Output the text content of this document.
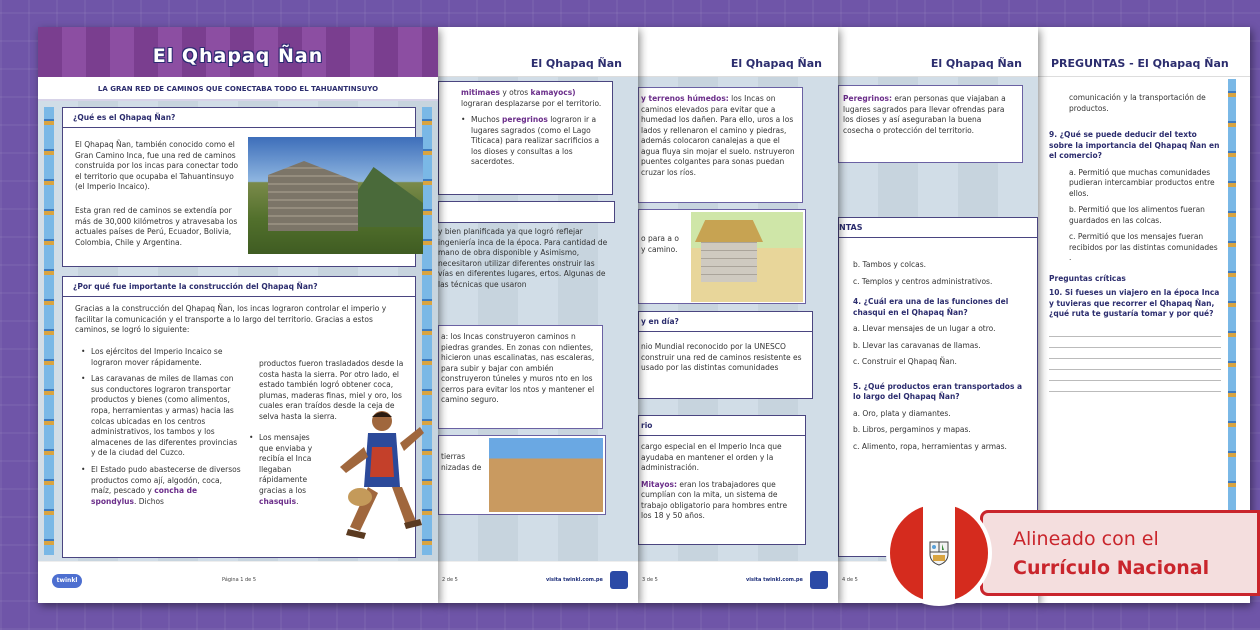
PREGUNTAS - El Qhapaq Ñan
comunicación y la transportación de productos.
9. ¿Qué se puede deducir del texto sobre la importancia del Qhapaq Ñan en el comercio?
a. Permitió que muchas comunidades pudieran intercambiar productos entre ellos.
b. Permitió que los alimentos fueran guardados en las colcas.
c. Permitió que los mensajes fueran recibidos por las distintas comunidades .
Preguntas críticas
10. Si fueses un viajero en la época Inca y tuvieras que recorrer el Qhapaq Ñan, ¿qué ruta te gustaría tomar y por qué?
El Qhapaq Ñan
Peregrinos: eran personas que viajaban a lugares sagrados para llevar ofrendas para los dioses y así aseguraban la buena cosecha o protección del territorio.
NTAS
b. Tambos y colcas.
c. Templos y centros administrativos.
4. ¿Cuál era una de las funciones del chasqui en el Qhapaq Ñan?
a. Llevar mensajes de un lugar a otro.
b. Llevar las caravanas de llamas.
c. Construir el Qhapaq Ñan.
5. ¿Qué productos eran transportados a lo largo del Qhapaq Ñan?
a. Oro, plata y diamantes.
b. Libros, pergaminos y mapas.
c. Alimento, ropa, herramientas y armas.
4 de 5
El Qhapaq Ñan
y terrenos húmedos: los Incas on caminos elevados para evitar que a humedad los dañen. Para ello, uros a los lados y rellenaron el camino y piedras, además colocaron canalejas a que el agua fluya sin mojar el suelo. nstruyeron puentes colgantes para sonas puedan cruzar los ríos.
o para a o y camino.
y en día?
nio Mundial reconocido por la UNESCO construir una red de caminos resistente es usado por las distintas comunidades
rio
cargo especial en el Imperio Inca que ayudaba en mantener el orden y la administración.
Mitayos: eran los trabajadores que cumplían con la mita, un sistema de trabajo obligatorio para hombres entre los 18 y 50 años.
3 de 5	visita twinkl.com.pe
El Qhapaq Ñan
mitimaes y otros kamayocs)
lograran desplazarse por el territorio.
• Muchos peregrinos lograron ir a lugares sagrados (como el Lago Titicaca) para realizar sacrificios a los dioses y consultas a los sacerdotes.
y bien planificada ya que logró reflejar ingeniería inca de la época. Para cantidad de mano de obra disponible y Asimismo, necesitaron utilizar diferentes onstruir las vías en diferentes lugares, ertos. Algunas de las técnicas que usaron
a: los Incas construyeron caminos n piedras grandes. En zonas con ndientes, hicieron unas escalinatas, nas escaleras, para subir y bajar con ambién construyeron túneles y muros nto en los cerros para evitar los ntos y mantener el camino seguro.
tierras nizadas de
2 de 5	visita twinkl.com.pe
El Qhapaq Ñan
LA GRAN RED DE CAMINOS QUE CONECTABA TODO EL TAHUANTINSUYO
¿Qué es el Qhapaq Ñan?
El Qhapaq Ñan, también conocido como el Gran Camino Inca, fue una red de caminos construida por los incas para conectar todo el territorio que ocupaba el Tahuantinsuyo (el Imperio Incaico).
Esta gran red de caminos se extendía por más de 30,000 kilómetros y atravesaba los actuales países de Perú, Ecuador, Bolivia, Colombia, Chile y Argentina.
¿Por qué fue importante la construcción del Qhapaq Ñan?
Gracias a la construcción del Qhapaq Ñan, los incas lograron controlar el imperio y facilitar la comunicación y el transporte a lo largo del territorio. Gracias a estos caminos, se logró lo siguiente:
• Los ejércitos del Imperio Incaico se lograron mover rápidamente.
• Las caravanas de miles de llamas con sus conductores lograron transportar productos y bienes (como alimentos, ropa, herramientas y armas) hacia las colcas ubicadas en los centros administrativos, los tambos y los almacenes de las diferentes provincias y de la ciudad del Cuzco.
• El Estado pudo abastecerse de diversos productos como ají, algodón, coca, maíz, pescado y concha de spondylus. Dichos
productos fueron trasladados desde la costa hasta la sierra. Por otro lado, el estado también logró obtener coca, plumas, maderas finas, miel y oro, los cuales eran traídos desde la ceja de selva hasta la sierra.
• Los mensajes que enviaba y recibía el Inca llegaban rápidamente gracias a los chasquis.
twinkl	Página 1 de 5
Alineado con el
Currículo Nacional
